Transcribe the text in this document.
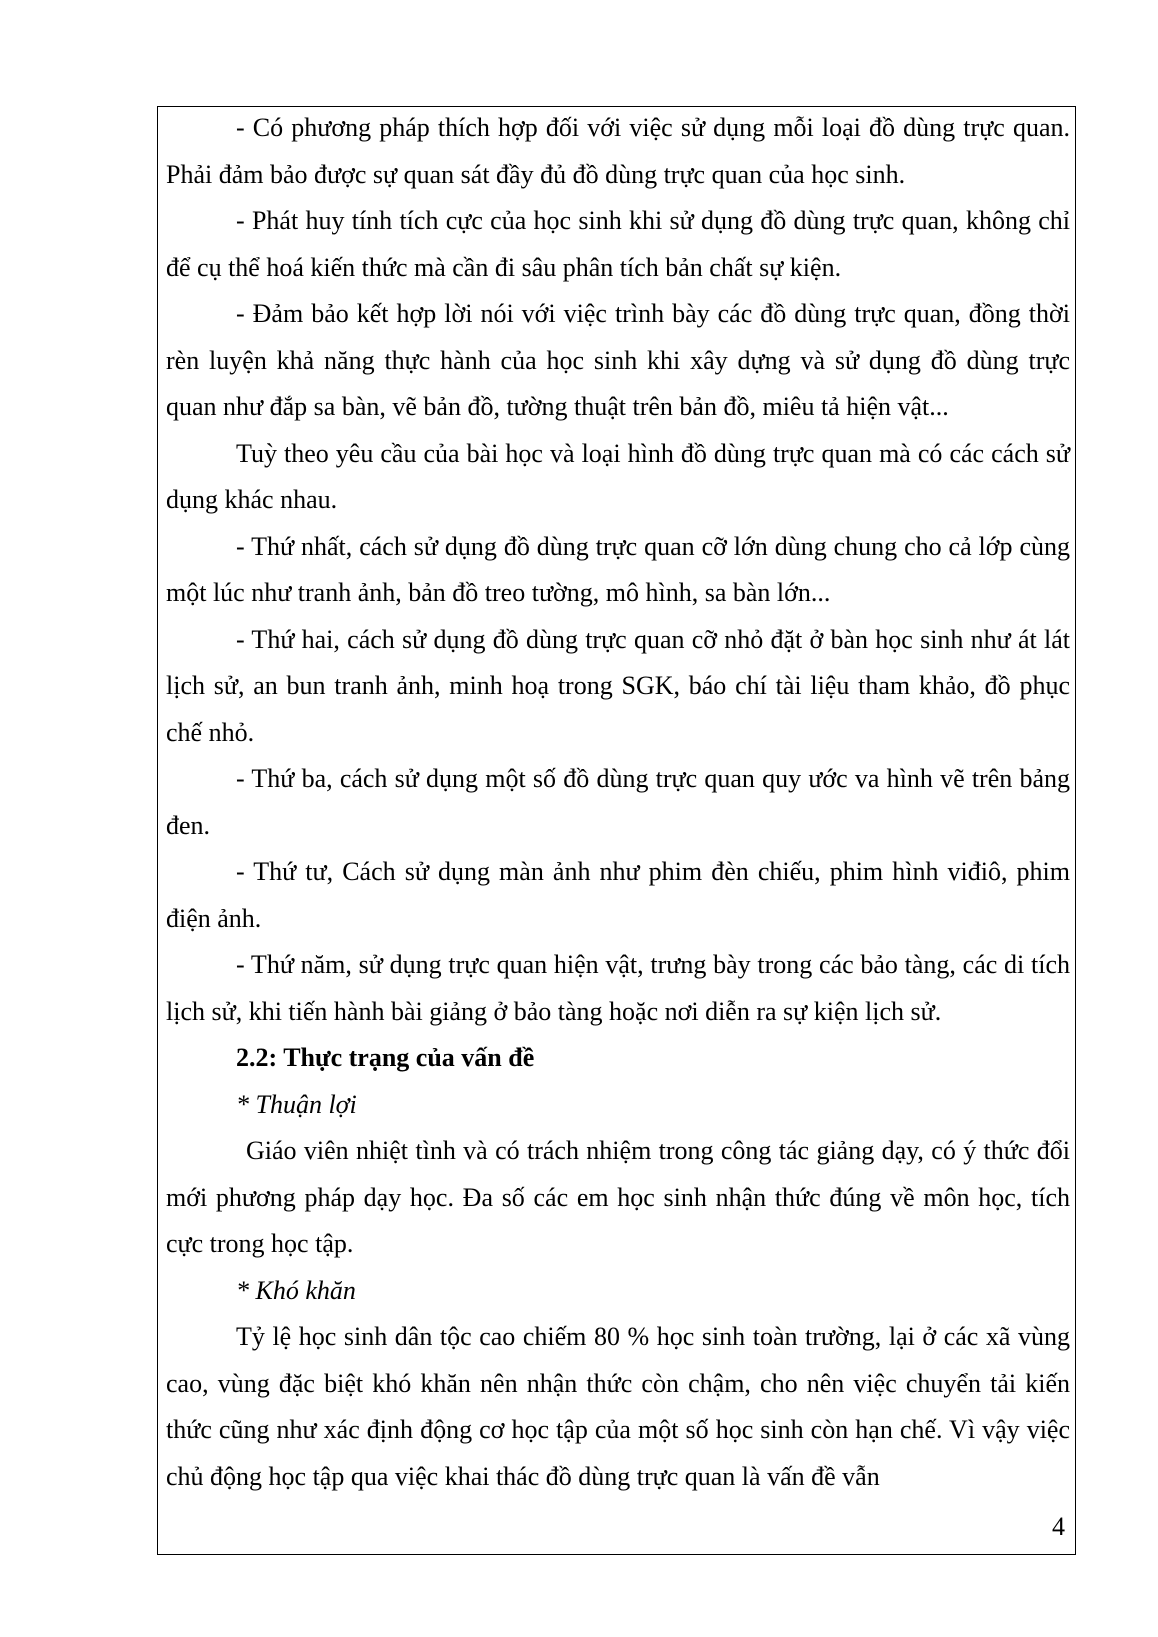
- Có phương pháp thích hợp đối với việc sử dụng mỗi loại đồ dùng trực quan. Phải đảm bảo được sự quan sát đầy đủ đồ dùng trực quan của học sinh.

- Phát huy tính tích cực của học sinh khi sử dụng đồ dùng trực quan, không chỉ để cụ thể hoá kiến thức mà cần đi sâu phân tích bản chất sự kiện.

- Đảm bảo kết hợp lời nói với việc trình bày các đồ dùng trực quan, đồng thời rèn luyện khả năng thực hành của học sinh khi xây dựng và sử dụng đồ dùng trực quan như đắp sa bàn, vẽ bản đồ, tường thuật trên bản đồ, miêu tả hiện vật...

Tuỳ theo yêu cầu của bài học và loại hình đồ dùng trực quan mà có các cách sử dụng khác nhau.

- Thứ nhất, cách sử dụng đồ dùng trực quan cỡ lớn dùng chung cho cả lớp cùng một lúc như tranh ảnh, bản đồ treo tường, mô hình, sa bàn lớn...

- Thứ hai, cách sử dụng đồ dùng trực quan cỡ nhỏ đặt ở bàn học sinh như át lát lịch sử, an bun tranh ảnh, minh hoạ trong SGK, báo chí tài liệu tham khảo, đồ phục chế nhỏ.

- Thứ ba, cách sử dụng một số đồ dùng trực quan quy ước va hình vẽ trên bảng đen.

- Thứ tư, Cách sử dụng màn ảnh như phim đèn chiếu, phim hình viđiô, phim điện ảnh.

- Thứ năm, sử dụng trực quan hiện vật, trưng bày trong các bảo tàng, các di tích lịch sử, khi tiến hành bài giảng ở bảo tàng hoặc nơi diễn ra sự kiện lịch sử.

2.2: Thực trạng của vấn đề

* Thuận lợi

Giáo viên nhiệt tình và có trách nhiệm trong công tác giảng dạy, có ý thức đổi mới phương pháp dạy học. Đa số các em học sinh nhận thức đúng về môn học, tích cực trong học tập.

* Khó khăn

Tỷ lệ học sinh dân tộc cao chiếm 80 % học sinh toàn trường, lại ở các xã vùng cao, vùng đặc biệt khó khăn nên nhận thức còn chậm, cho nên việc chuyển tải kiến thức cũng như xác định động cơ học tập của một số học sinh còn hạn chế. Vì vậy việc chủ động học tập qua việc khai thác đồ dùng trực quan là vấn đề vẫn

4
